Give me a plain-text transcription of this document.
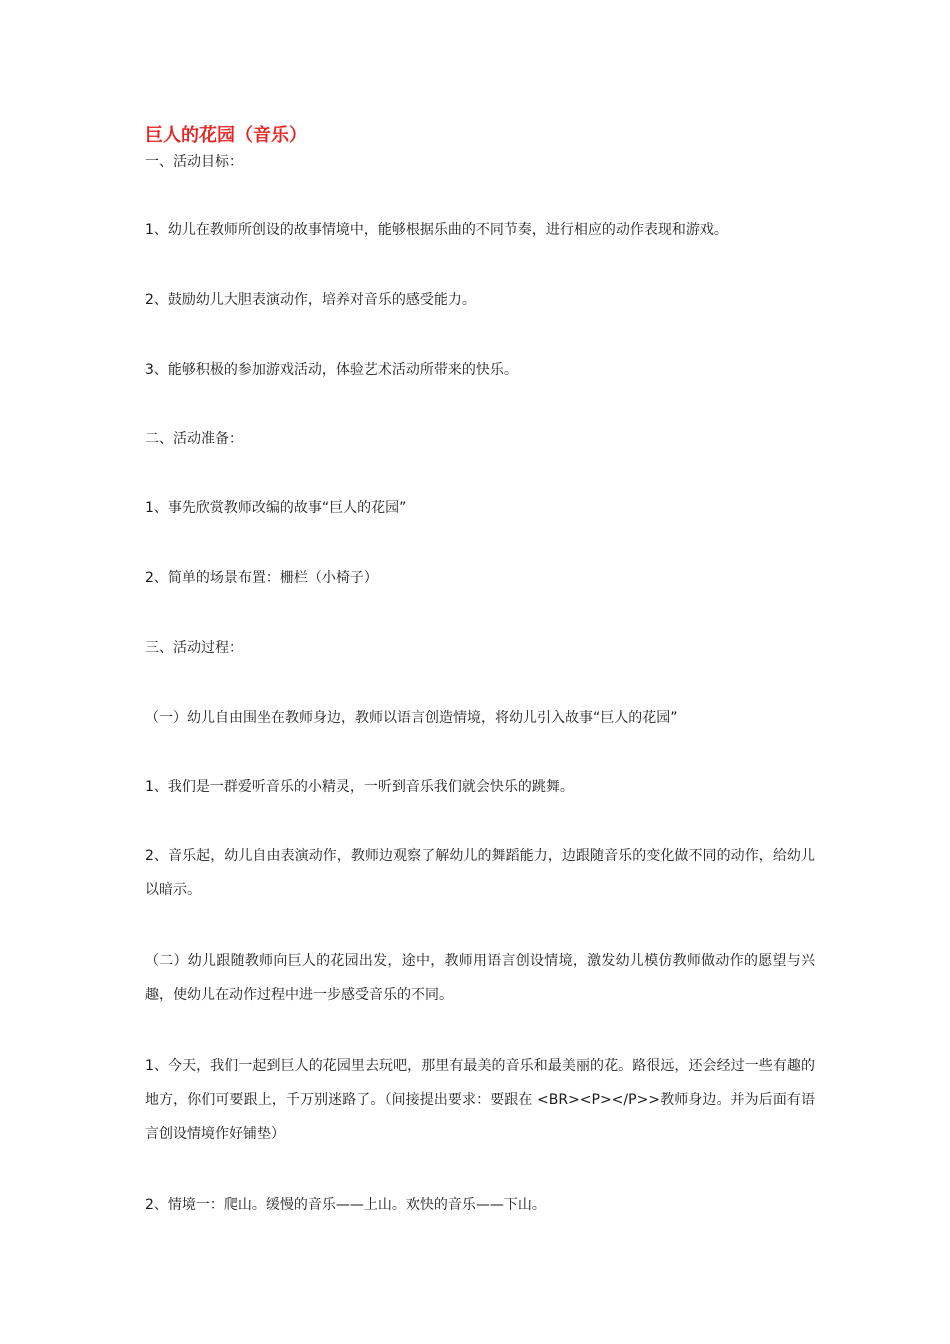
巨人的花园（音乐）
一、活动目标：
1、幼儿在教师所创设的故事情境中，能够根据乐曲的不同节奏，进行相应的动作表现和游戏。
2、鼓励幼儿大胆表演动作，培养对音乐的感受能力。
3、能够积极的参加游戏活动，体验艺术活动所带来的快乐。
二、活动准备：
1、事先欣赏教师改编的故事“巨人的花园”
2、简单的场景布置：栅栏（小椅子）
三、活动过程：
（一）幼儿自由围坐在教师身边，教师以语言创造情境，将幼儿引入故事“巨人的花园”
1、我们是一群爱听音乐的小精灵，一听到音乐我们就会快乐的跳舞。
2、音乐起，幼儿自由表演动作，教师边观察了解幼儿的舞蹈能力，边跟随音乐的变化做不同的动作，给幼儿以暗示。
（二）幼儿跟随教师向巨人的花园出发，途中，教师用语言创设情境，激发幼儿模仿教师做动作的愿望与兴趣，使幼儿在动作过程中进一步感受音乐的不同。
1、今天，我们一起到巨人的花园里去玩吧，那里有最美的音乐和最美丽的花。路很远，还会经过一些有趣的地方，你们可要跟上，千万别迷路了。（间接提出要求：要跟在 <BR><P></P>>教师身边。并为后面有语言创设情境作好铺垫）
2、情境一：爬山。缓慢的音乐——上山。欢快的音乐——下山。
